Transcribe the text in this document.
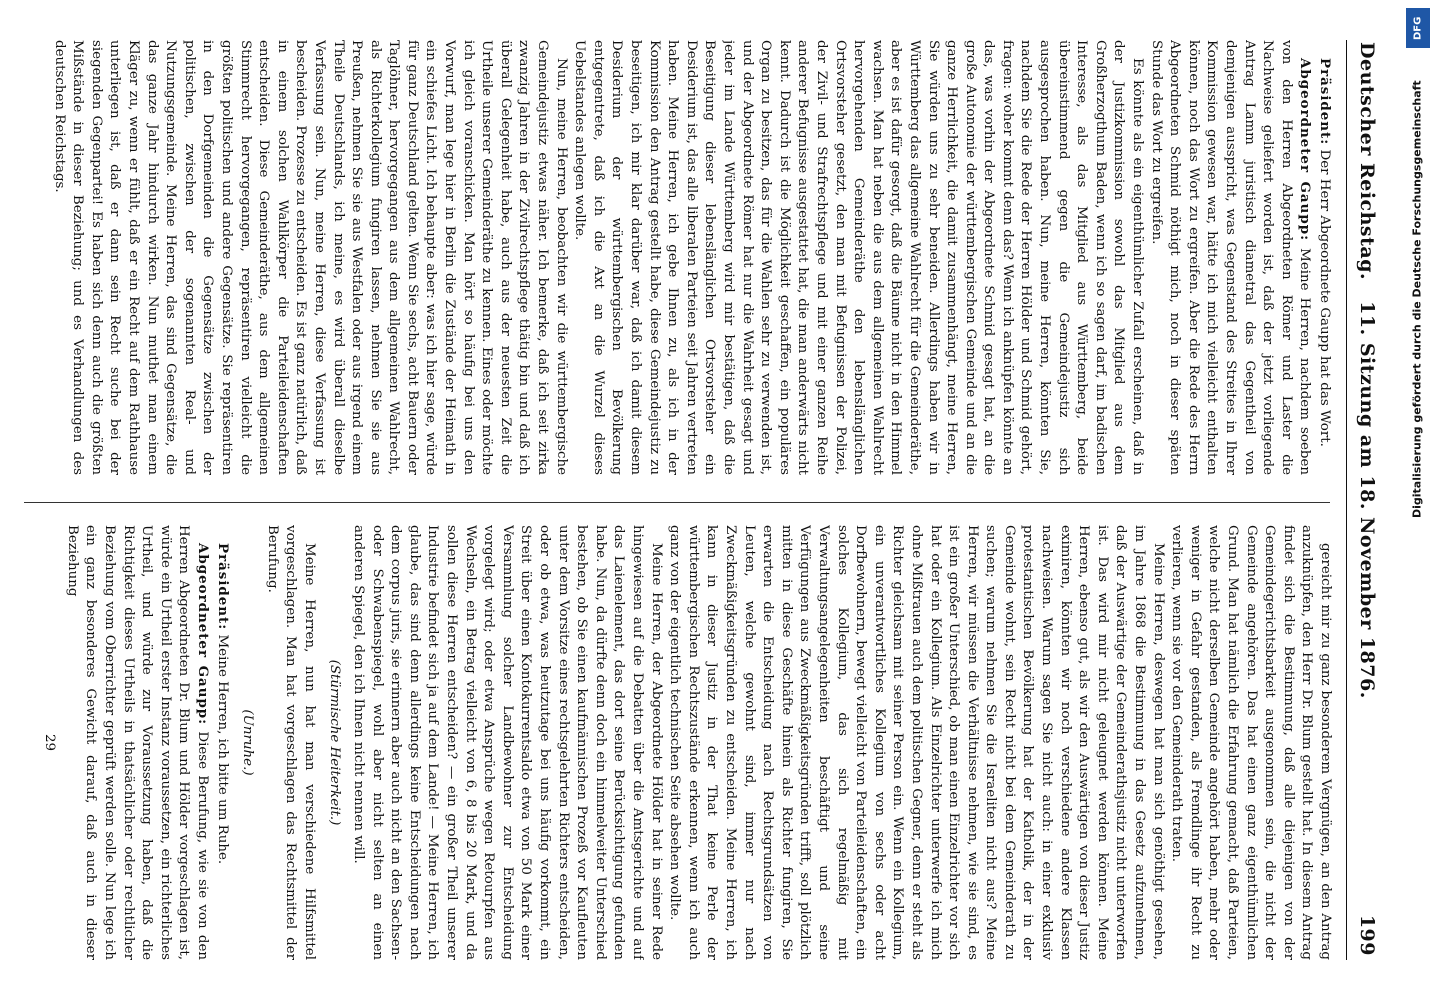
Deutscher Reichstag.
11. Sitzung am 18. November 1876.
199
Präsident: Der Herr Abgeordnete Gaupp hat das Wort.
Abgeordneter Gaupp: Meine Herren, nachdem soeben von den Herren Abgeordneten Römer und Laster die Nachweise geliefert worden ist, daß der jetzt vorliegende Antrag Lamm juristisch diametral das Gegentheil von demjenigen ausspricht, was Gegenstand des Streites in Ihrer Kommission gewesen war, hätte ich mich vielleicht enthalten können, noch das Wort zu ergreifen. Aber die Rede des Herrn Abgeordneten Schmid nöthigt mich, noch in dieser späten Stunde das Wort zu ergreifen.
Es könnte als ein eigenthümlicher Zufall erscheinen, daß in der Justizkommission sowohl das Mitglied aus dem Großherzogthum Baden, wenn ich so sagen darf, im badischen Interesse, als das Mitglied aus Württemberg, beide übereinstimmend gegen die Gemeindejustiz sich ausgesprochen haben. Nun, meine Herren, könnten Sie, nachdem Sie die Rede der Herren Hölder und Schmid gehört, fragen: woher kommt denn das? Wenn ich anknüpfen könnte an das, was vorhin der Abgeordnete Schmid gesagt hat, an die große Autonomie der württembergischen Gemeinde und an die ganze Herrlichkeit, die damit zusammenhängt, meine Herren, Sie würden uns zu sehr beneiden. Allerdings haben wir in Württemberg das allgemeine Wahlrecht für die Gemeinderäthe, aber es ist dafür gesorgt, daß die Bäume nicht in den Himmel wachsen. Man hat neben die aus dem allgemeinen Wahlrecht hervorgehenden Gemeinderäthe den lebenslänglichen Ortsvorsteher gesetzt, den man mit Befugnissen der Polizei, der Zivil- und Strafrechtspflege und mit einer ganzen Reihe anderer Befugnisse ausgestattet hat, die man anderwärts nicht kennt. Dadurch ist die Möglichkeit geschaffen, ein populäres Organ zu besitzen, das für die Wahlen sehr zu verwenden ist, und der Abgeordnete Römer hat nur die Wahrheit gesagt und jeder im Lande Württemberg wird mir bestätigen, daß die Beseitigung dieser lebenslänglichen Ortsvorsteher ein Desiderium ist, das alle liberalen Parteien seit Jahren vertreten haben. Meine Herren, ich gebe Ihnen zu, als ich in der Kommission den Antrag gestellt habe, diese Gemeindejustiz zu beseitigen, ich mir klar darüber war, daß ich damit diesem Desiderium der württembergischen Bevölkerung entgegentrete, daß ich die Axt an die Wurzel dieses Uebelstandes anlegen wollte.
Nun, meine Herren, beobachten wir die württembergische Gemeindejustiz etwas näher. Ich bemerke, daß ich seit zirka zwanzig Jahren in der Zivilrechtspflege thätig bin und daß ich überall Gelegenheit habe, auch aus der neuesten Zeit die Urtheile unserer Gemeinderäthe zu kennen. Eines oder möchte ich gleich voranschicken. Man hört so häufig bei uns den Vorwurf, man lege hier in Berlin die Zustände der Heimath in ein schiefes Licht. Ich behaupte aber: was ich hier sage, würde für ganz Deutschland gelten. Wenn Sie sechs, acht Bauern oder Taglöhner, hervorgegangen aus dem allgemeinen Wahlrecht, als Richterkollegium fungiren lassen, nehmen Sie sie aus Preußen, nehmen Sie sie aus Westfalen oder aus irgend einem Theile Deutschlands, ich meine, es wird überall dieselbe Verfassung sein. Nun, meine Herren, diese Verfassung ist bescheiden. Prozesse zu entscheiden. Es ist ganz natürlich, daß in einem solchen Wahlkörper die Parteileidenschaften entscheiden. Diese Gemeinderäthe, aus dem allgemeinen Stimmrecht hervorgegangen, repräsentiren vielleicht die größten politischen und andere Gegensätze. Sie repräsentiren in den Dorfgemeinden die Gegensätze zwischen der politischen, zwischen der sogenannten Real- und Nutzungsgemeinde. Meine Herren, das sind Gegensätze, die das ganze Jahr hindurch wirken. Nun muthet man einem Kläger zu, wenn er fühlt, daß er ein Recht auf dem Rathhause unterliegen ist, daß er dann sein Recht suche bei der siegenden Gegenpartei! Es haben sich denn auch die größten Mißstände in dieser Beziehung; und es Verhandlungen des deutschen Reichstags.
gereicht mir zu ganz besonderem Vergnügen, an den Antrag anzuknüpfen, den Herr Dr. Blum gestellt hat. In diesem Antrag findet sich die Bestimmung, daß alle diejenigen von der Gemeindegerichtsbarkeit ausgenommen sein, die nicht der Gemeinde angehören. Das hat einen ganz eigenthümlichen Grund. Man hat nämlich die Erfahrung gemacht, daß Parteien, welche nicht derselben Gemeinde angehört haben, mehr oder weniger in Gefahr gestanden, als Fremdlinge ihr Recht zu verlieren, wenn sie vor den Gemeinderath traten.
Meine Herren, deswegen hat man sich genöthigt gesehen, im Jahre 1868 die Bestimmung in das Gesetz aufzunehmen, daß der Auswärtige der Gemeinderathsjustiz nicht unterworfen ist. Das wird mir nicht geleugnet werden können. Meine Herren, ebenso gut, als wir den Auswärtigen von dieser Justiz eximiren, könnten wir noch verschiedene andere Klassen nachweisen. Warum sagen Sie nicht auch: in einer exklusiv protestantischen Bevölkerung hat der Katholik, der in der Gemeinde wohnt, sein Recht nicht bei dem Gemeinderath zu suchen; warum nehmen Sie die Israeliten nicht aus? Meine Herren, wir müssen die Verhältnisse nehmen, wie sie sind, es ist ein großer Unterschied, ob man einen Einzelrichter vor sich hat oder ein Kollegium. Als Einzelrichter unterwerfe ich mich ohne Mißtrauen auch dem politischen Gegner, denn er steht als Richter gleichsam mit seiner Person ein. Wenn ein Kollegium, ein unverantwortliches Kollegium von sechs oder acht Dorfbewohnern, bewegt vielleicht von Parteileidenschaften, ein solches Kollegium, das sich regelmäßig mit Verwaltungsangelegenheiten beschäftigt und seine Verfügungen aus Zweckmäßigkeitsgründen trifft, soll plötzlich mitten in diese Geschäfte hinein als Richter fungiren, Sie erwarten die Entscheidung nach Rechtsgrundsätzen von Leuten, welche gewohnt sind, immer nur nach Zweckmäßigkeitsgründen zu entscheiden. Meine Herren, ich kann in dieser Justiz in der That keine Perle der württembergischen Rechtszustände erkennen, wenn ich auch ganz von der eigentlich technischen Seite absehen wollte.
Meine Herren, der Abgeordnete Hölder hat in seiner Rede hingewiesen auf die Debatten über die Amtsgerichte und auf das Laienelement, das dort seine Berücksichtigung gefunden habe. Nun, da dürfte denn doch ein himmelweiter Unterschied bestehen, ob Sie einen kaufmännischen Prozeß vor Kaufleuten unter dem Vorsitze eines rechtsgelehrten Richters entscheiden, oder ob etwa, was heutzutage bei uns häufig vorkommt, ein Streit über einen Kontokurrentsaldo etwa von 50 Mark einer Versammlung solcher Landbewohner zur Entscheidung vorgelegt wird; oder etwa Ansprüche wegen Retourpfen aus Wechseln, ein Betrag vielleicht von 6, 8 bis 20 Mark, und da sollen diese Herren entscheiden? — ein großer Theil unserer Industrie befindet sich ja auf dem Lande! — Meine Herren, ich glaube, das sind denn allerdings keine Entscheidungen nach dem corpus juris, sie erinnern aber auch nicht an den Sachsen- oder Schwabenspiegel, wohl aber nicht selten an einen anderen Spiegel, den ich Ihnen nicht nennen will.
(Stürmische Heiterkeit.)
Meine Herren, nun hat man verschiedene Hilfsmittel vorgeschlagen. Man hat vorgeschlagen das Rechtsmittel der Berufung.
(Unruhe.)
Präsident: Meine Herren, ich bitte um Ruhe.
Abgeordneter Gaupp: Diese Berufung, wie sie von den Herren Abgeordneten Dr. Blum und Hölder vorgeschlagen ist, würde ein Urtheil erster Instanz voraussetzen, ein richterliches Urtheil, und würde zur Voraussetzung haben, daß die Richtigkeit dieses Urtheils in thatsächlicher oder rechtlicher Beziehung vom Oberrichter geprüft werden solle. Nun lege ich ein ganz besonderes Gewicht darauf, daß auch in dieser Beziehung
29
Digitalisierung gefördert durch die Deutsche Forschungsgemeinschaft
DFG
